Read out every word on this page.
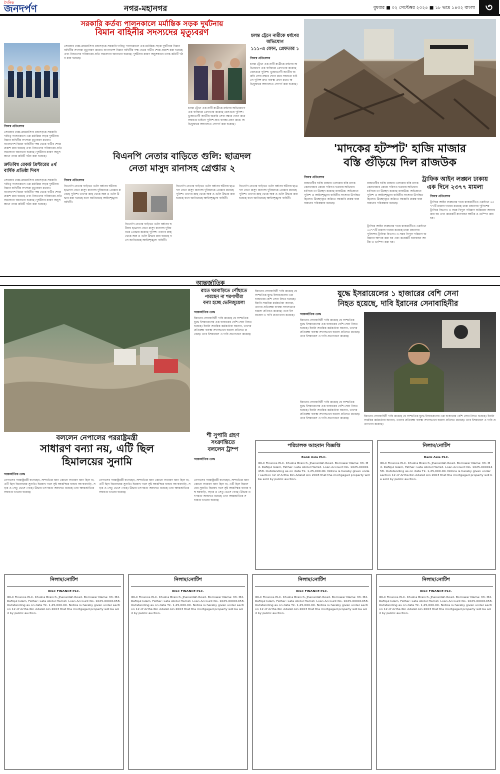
দৈনিক
জনদর্পণ	নগর-মহানগর	বুধবার ■ ০২ সেপ্টেম্বর ২০২৫ ■ ১৮ ভাদ্র ১৪৩২ বাংলা ৩
সরকারি কর্তব্য পালনকালে মর্মান্তিক সড়ক দুর্ঘটনায়
বিমান বাহিনীর সদস্যদের মৃত্যুবরণ
নিজস্ব প্রতিবেদক
সোমবার ঢাকা-ময়মনসিংহ মহাসড়কে সরকারি দায়িত্ব পালনকালে এক মর্মান্তিক সড়ক দুর্ঘটনায় বিমান বাহিনীর সদস্যরা মৃত্যুবরণ করেন। বাংলাদেশ বিমান বাহিনীর পক্ষ থেকে গভীর শোক প্রকাশ করা হয়েছে এবং নিহতদের পরিবারের প্রতি সমবেদনা জানানো হয়েছে। দুর্ঘটনার কারণ অনুসন্ধানে তদন্ত কমিটি গঠন করা হয়েছে।
সোমবার ঢাকা-ময়মনসিংহ মহাসড়কে সরকারি দায়িত্ব পালনকালে এক মর্মান্তিক সড়ক দুর্ঘটনায় বিমান বাহিনীর সদস্যরা মৃত্যুবরণ করেন। বাংলাদেশ বিমান বাহিনীর পক্ষ থেকে গভীর শোক প্রকাশ করা হয়েছে এবং নিহতদের পরিবারের প্রতি সমবেদনা জানানো হয়েছে। দুর্ঘটনার কারণ অনুসন্ধানে তদন্ত কমিটি গঠন করা হয়েছে।
দ্রুতিবিশ্ব রেকর্ড প্রিন্টারের ৪র্থ বার্ষিক প্রতিষ্ঠা দিবস
সোমবার ঢাকা-ময়মনসিংহ মহাসড়কে সরকারি দায়িত্ব পালনকালে এক মর্মান্তিক সড়ক দুর্ঘটনায় বিমান বাহিনীর সদস্যরা মৃত্যুবরণ করেন। বাংলাদেশ বিমান বাহিনীর পক্ষ থেকে গভীর শোক প্রকাশ করা হয়েছে এবং নিহতদের পরিবারের প্রতি সমবেদনা জানানো হয়েছে। দুর্ঘটনার কারণ অনুসন্ধানে তদন্ত কমিটি গঠন করা হয়েছে।
চলন্ত ট্রেনে এক নারী যাত্রীকে ধর্ষণের অভিযোগে এক ব্যক্তিকে গ্রেফতার করেছে রেলওয়ে পুলিশ। ভুক্তভোগী জাতীয় জরুরি সেবা নম্বরে ফোন করে সহায়তা চাইলে পুলিশ দ্রুত ব্যবস্থা গ্রহণ করে। অভিযুক্তকে আদালতে সোপর্দ করা হয়েছে।
চলন্ত ট্রেনে নারীকে ধর্ষণের অভিযোগ
১১১-এ ফোন, গ্রেফতার ১
নিজস্ব প্রতিবেদক
চলন্ত ট্রেনে এক নারী যাত্রীকে ধর্ষণের অভিযোগে এক ব্যক্তিকে গ্রেফতার করেছে রেলওয়ে পুলিশ। ভুক্তভোগী জাতীয় জরুরি সেবা নম্বরে ফোন করে সহায়তা চাইলে পুলিশ দ্রুত ব্যবস্থা গ্রহণ করে। অভিযুক্তকে আদালতে সোপর্দ করা হয়েছে।
'মাদকের হটস্পট' হাজি মাজার
বস্তি গুঁড়িয়ে দিল রাজউক
নিজস্ব প্রতিবেদক
রাজধানীর হাজি মাজার এলাকার বস্তি মাদক কেনাবেচার কেন্দ্রে পরিণত হওয়ায় অভিযান চালিয়ে তা উচ্ছেদ করেছে রাজউক। অভিযানে পুলিশ ও আইনশৃঙ্খলা বাহিনীর সদস্যরা উপস্থিত ছিলেন। উচ্ছেদকৃত জমিতে সরকারি প্রকল্প বাস্তবায়নের পরিকল্পনা রয়েছে।
রাজধানীর হাজি মাজার এলাকার বস্তি মাদক কেনাবেচার কেন্দ্রে পরিণত হওয়ায় অভিযান চালিয়ে তা উচ্ছেদ করেছে রাজউক। অভিযানে পুলিশ ও আইনশৃঙ্খলা বাহিনীর সদস্যরা উপস্থিত ছিলেন। উচ্ছেদকৃত জমিতে সরকারি প্রকল্প বাস্তবায়নের পরিকল্পনা রয়েছে।
ট্রাফিক আইন লঙ্ঘন ঢাকায়
এক দিনে ২৩৭৭ মামলা
নিজস্ব প্রতিবেদক
ট্রাফিক আইন লঙ্ঘনের দায়ে রাজধানীতে একদিনে ২৩৭৭টি মামলা দায়ের করেছে ঢাকা মহানগর পুলিশের ট্রাফিক বিভাগ। এ সময় বিপুল পরিমাণ জরিমানা আদায় করা হয় এবং কয়েকটি যানবাহন আটক ও ডাম্পিং করা হয়।
ট্রাফিক আইন লঙ্ঘনের দায়ে রাজধানীতে একদিনে ২৩৭৭টি মামলা দায়ের করেছে ঢাকা মহানগর পুলিশের ট্রাফিক বিভাগ। এ সময় বিপুল পরিমাণ জরিমানা আদায় করা হয় এবং কয়েকটি যানবাহন আটক ও ডাম্পিং করা হয়।
বিএনপি নেতার বাড়িতে গুলি: ছাত্রদল
নেতা মাসুদ রানাসহ গ্রেপ্তার ২
নিজস্ব প্রতিবেদক
বিএনপি নেতার বাড়িতে গুলি বর্ষণের ঘটনায় ছাত্রদল নেতা মাসুদ রানাসহ দুইজনকে গ্রেপ্তার করেছে পুলিশ। তাদের কাছ থেকে অস্ত্র ও গুলি উদ্ধার করা হয়েছে বলে জানিয়েছে আইনশৃঙ্খলা বাহিনী।
বিএনপি নেতার বাড়িতে গুলি বর্ষণের ঘটনায় ছাত্রদল নেতা মাসুদ রানাসহ দুইজনকে গ্রেপ্তার করেছে পুলিশ। তাদের কাছ থেকে অস্ত্র ও গুলি উদ্ধার করা হয়েছে বলে জানিয়েছে আইনশৃঙ্খলা বাহিনী।
বিএনপি নেতার বাড়িতে গুলি বর্ষণের ঘটনায় ছাত্রদল নেতা মাসুদ রানাসহ দুইজনকে গ্রেপ্তার করেছে পুলিশ। তাদের কাছ থেকে অস্ত্র ও গুলি উদ্ধার করা হয়েছে বলে জানিয়েছে আইনশৃঙ্খলা বাহিনী।
বিএনপি নেতার বাড়িতে গুলি বর্ষণের ঘটনায় ছাত্রদল নেতা মাসুদ রানাসহ দুইজনকে গ্রেপ্তার করেছে পুলিশ। তাদের কাছ থেকে অস্ত্র ও গুলি উদ্ধার করা হয়েছে বলে জানিয়েছে আইনশৃঙ্খলা বাহিনী।
আন্তর্জাতিক
বললেন নেপালের পররাষ্ট্রমন্ত্রী
সাধারণ বন্যা নয়, এটি ছিল
হিমালয়ের সুনামি
আন্তর্জাতিক ডেস্ক
নেপালের পররাষ্ট্রমন্ত্রী বলেছেন, সাম্প্রতিক বন্যা কোনো সাধারণ বন্যা ছিল না, এটি ছিল হিমালয়ের সুনামি। হিমবাহ গলে সৃষ্ট আকস্মিক বন্যায় বহু ঘরবাড়ি, সড়ক ও সেতু ভেসে গেছে। উদ্ধার তৎপরতা অব্যাহত রয়েছে এবং আন্তর্জাতিক সহায়তা চাওয়া হয়েছে।
নেপালের পররাষ্ট্রমন্ত্রী বলেছেন, সাম্প্রতিক বন্যা কোনো সাধারণ বন্যা ছিল না, এটি ছিল হিমালয়ের সুনামি। হিমবাহ গলে সৃষ্ট আকস্মিক বন্যায় বহু ঘরবাড়ি, সড়ক ও সেতু ভেসে গেছে। উদ্ধার তৎপরতা অব্যাহত রয়েছে এবং আন্তর্জাতিক সহায়তা চাওয়া হয়েছে।
নেপালের পররাষ্ট্রমন্ত্রী বলেছেন, সাম্প্রতিক বন্যা কোনো সাধারণ বন্যা ছিল না, এটি ছিল হিমালয়ের সুনামি। হিমবাহ গলে সৃষ্ট আকস্মিক বন্যায় বহু ঘরবাড়ি, সড়ক ও সেতু ভেসে গেছে। উদ্ধার তৎপরতা অব্যাহত রয়েছে এবং আন্তর্জাতিক সহায়তা চাওয়া হয়েছে।
রাতে ঘরবাড়িতে পৌঁছাতে পারছেন না শরণার্থীরা
বন্যা হচ্ছে ভেনিজুয়েলা
আন্তর্জাতিক ডেস্ক
ইরানের সেনাবাহিনী দাবি করেছে যে সাম্প্রতিক যুদ্ধে ইসরায়েলের এক হাজারের বেশি সেনা নিহত হয়েছে। ইরানি সামরিক কর্মকর্তারা জানান, তাদের প্রতিরক্ষা ব্যবস্থা সফলভাবে হামলা প্রতিহত করেছে। তবে ইসরায়েল এ দাবি প্রত্যাখ্যান করেছে।
ইরানের সেনাবাহিনী দাবি করেছে যে সাম্প্রতিক যুদ্ধে ইসরায়েলের এক হাজারের বেশি সেনা নিহত হয়েছে। ইরানি সামরিক কর্মকর্তারা জানান, তাদের প্রতিরক্ষা ব্যবস্থা সফলভাবে হামলা প্রতিহত করেছে। তবে ইসরায়েল এ দাবি প্রত্যাখ্যান করেছে।
শী সুপারি গ্রহণ
সংক্রান্তিতে
বললেন ট্রাম্প
আন্তর্জাতিক ডেস্ক
যুদ্ধে ইসরায়েলের ১ হাজারের বেশি সেনা
নিহত হয়েছে, দাবি ইরানের সেনাবাহিনীর
আন্তর্জাতিক ডেস্ক
ইরানের সেনাবাহিনী দাবি করেছে যে সাম্প্রতিক যুদ্ধে ইসরায়েলের এক হাজারের বেশি সেনা নিহত হয়েছে। ইরানি সামরিক কর্মকর্তারা জানান, তাদের প্রতিরক্ষা ব্যবস্থা সফলভাবে হামলা প্রতিহত করেছে। তবে ইসরায়েল এ দাবি প্রত্যাখ্যান করেছে।
ইরানের সেনাবাহিনী দাবি করেছে যে সাম্প্রতিক যুদ্ধে ইসরায়েলের এক হাজারের বেশি সেনা নিহত হয়েছে। ইরানি সামরিক কর্মকর্তারা জানান, তাদের প্রতিরক্ষা ব্যবস্থা সফলভাবে হামলা প্রতিহত করেছে। তবে ইসরায়েল এ দাবি প্রত্যাখ্যান করেছে।
ইরানের সেনাবাহিনী দাবি করেছে যে সাম্প্রতিক যুদ্ধে ইসরায়েলের এক হাজারের বেশি সেনা নিহত হয়েছে। ইরানি সামরিক কর্মকর্তারা জানান, তাদের প্রতিরক্ষা ব্যবস্থা সফলভাবে হামলা প্রতিহত করেছে। তবে ইসরায়েল এ দাবি প্রত্যাখ্যান করেছে।
পরিচালক আহবান বিজ্ঞপ্তি
Bank Asia PLC.
IDLC Finance PLC. Khulna Branch, Jhenaidah Road. Borrower Name: Mr. Md. Rafiqul Islam, Father: Late Abdul Hamid. Loan Account No. 1025-00001458. Outstanding as on date Tk. 1,25,000.00. Notice is hereby given under section 12 of Artha Rin Adalat Ain 2003 that the mortgaged property will be sold by public auction.
নিলাম/নোটিশ
Bank Asia PLC.
IDLC Finance PLC. Khulna Branch, Jhenaidah Road. Borrower Name: Mr. Md. Rafiqul Islam, Father: Late Abdul Hamid. Loan Account No. 1025-00001458. Outstanding as on date Tk. 1,25,000.00. Notice is hereby given under section 12 of Artha Rin Adalat Ain 2003 that the mortgaged property will be sold by public auction.
নিলাম/নোটিশ
IDLC FINANCE PLC.
IDLC Finance PLC. Khulna Branch, Jhenaidah Road. Borrower Name: Mr. Md. Rafiqul Islam, Father: Late Abdul Hamid. Loan Account No. 1025-00001458. Outstanding as on date Tk. 1,25,000.00. Notice is hereby given under section 12 of Artha Rin Adalat Ain 2003 that the mortgaged property will be sold by public auction.
নিলাম/নোটিশ
IDLC FINANCE PLC.
IDLC Finance PLC. Khulna Branch, Jhenaidah Road. Borrower Name: Mr. Md. Rafiqul Islam, Father: Late Abdul Hamid. Loan Account No. 1025-00001458. Outstanding as on date Tk. 1,25,000.00. Notice is hereby given under section 12 of Artha Rin Adalat Ain 2003 that the mortgaged property will be sold by public auction.
নিলাম/নোটিশ
IDLC FINANCE PLC.
IDLC Finance PLC. Khulna Branch, Jhenaidah Road. Borrower Name: Mr. Md. Rafiqul Islam, Father: Late Abdul Hamid. Loan Account No. 1025-00001458. Outstanding as on date Tk. 1,25,000.00. Notice is hereby given under section 12 of Artha Rin Adalat Ain 2003 that the mortgaged property will be sold by public auction.
নিলাম/নোটিশ
IDLC FINANCE PLC.
IDLC Finance PLC. Khulna Branch, Jhenaidah Road. Borrower Name: Mr. Md. Rafiqul Islam, Father: Late Abdul Hamid. Loan Account No. 1025-00001458. Outstanding as on date Tk. 1,25,000.00. Notice is hereby given under section 12 of Artha Rin Adalat Ain 2003 that the mortgaged property will be sold by public auction.
